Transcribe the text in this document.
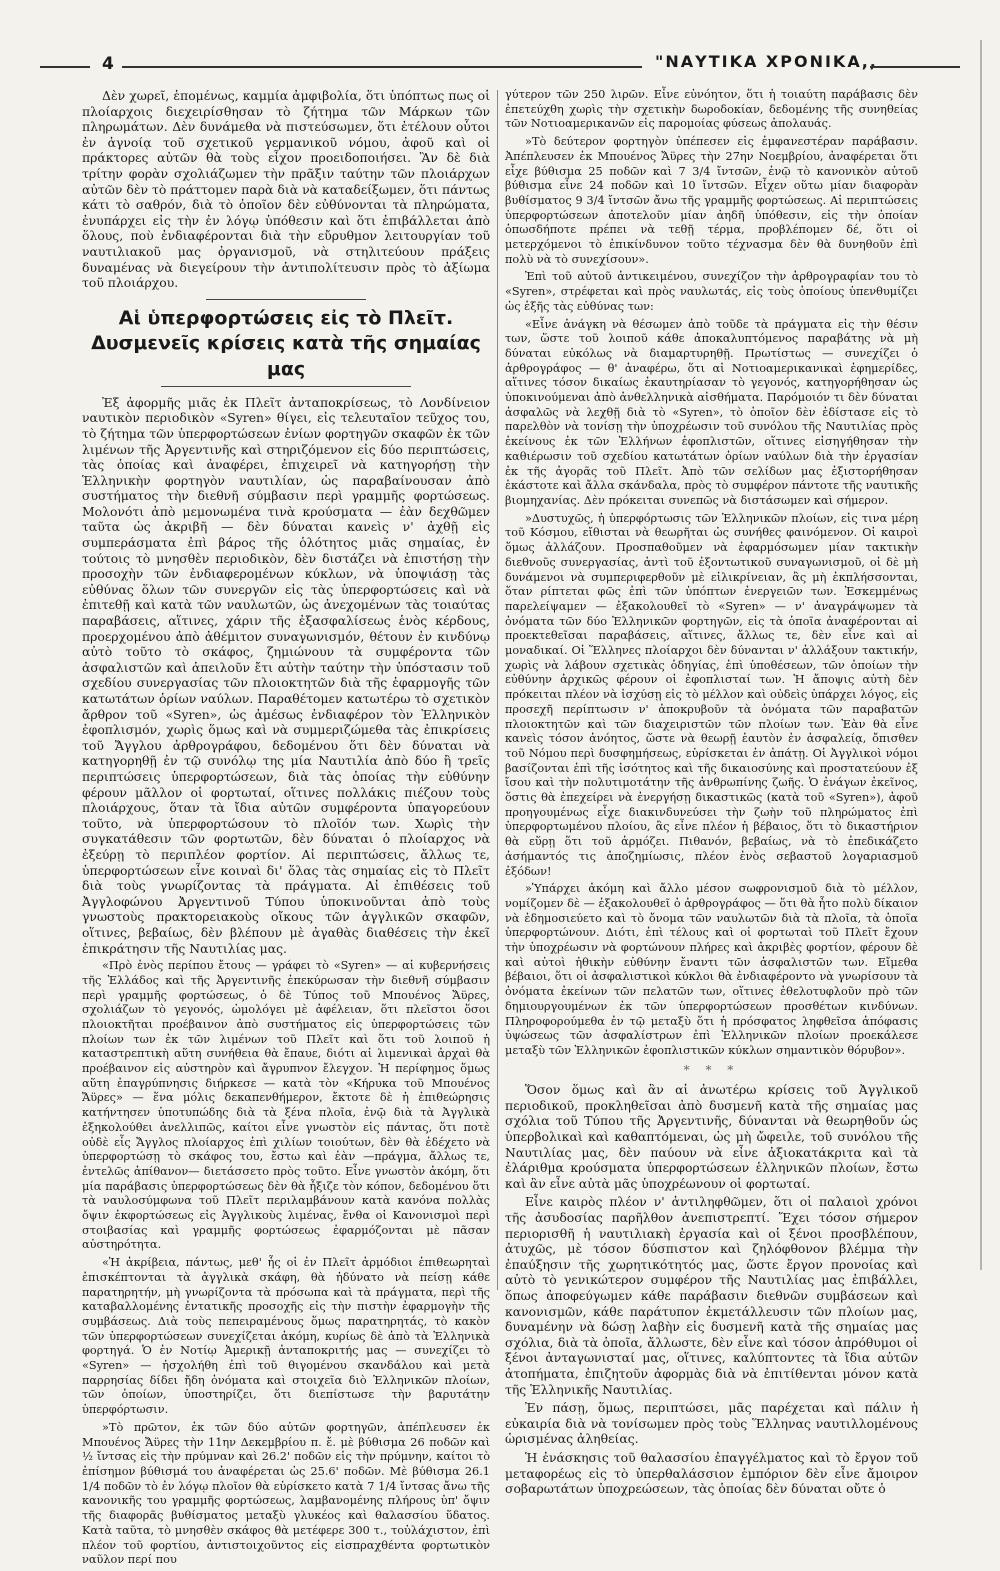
4	"ΝΑΥΤΙΚΑ ΧΡΟΝΙΚΑ,,

Δὲν χωρεῖ, ἑπομένως, καμμία ἀμφιβολία, ὅτι ὑπόπτως πως οἱ πλοίαρχοις διεχειρίσθησαν τὸ ζήτημα τῶν Μάρκων τῶν πληρωμάτων. Δὲν δυνάμεθα νὰ πιστεύσωμεν, ὅτι ἐτέλουν οὗτοι ἐν ἀγνοίᾳ τοῦ σχετικοῦ γερμανικοῦ νόμου, ἀφοῦ καὶ οἱ πράκτορες αὐτῶν θὰ τοὺς εἶχον προειδοποιήσει. Ἂν δὲ διὰ τρίτην φορὰν σχολιάζωμεν τὴν πρᾶξιν ταύτην τῶν πλοιάρχων αὐτῶν δὲν τὸ πράττομεν παρὰ διὰ νὰ καταδείξωμεν, ὅτι πάντως κάτι τὸ σαθρόν, διὰ τὸ ὁποῖον δὲν εὐθύνονται τὰ πληρώματα, ἐνυπάρχει εἰς τὴν ἐν λόγῳ ὑπόθεσιν καὶ ὅτι ἐπιβάλλεται ἀπὸ ὅλους, ποὺ ἐνδιαφέρονται διὰ τὴν εὔρυθμον λειτουργίαν τοῦ ναυτιλιακοῦ μας ὀργανισμοῦ, νὰ στηλιτεύουν πράξεις δυναμένας νὰ διεγείρουν τὴν ἀντιπολίτευσιν πρὸς τὸ ἀξίωμα τοῦ πλοιάρχου.

Αἱ ὑπερφορτώσεις εἰς τὸ Πλεῖτ.
Δυσμενεῖς κρίσεις κατὰ τῆς σημαίας μας

Ἐξ ἀφορμῆς μιᾶς ἐκ Πλεῖτ ἀνταποκρίσεως, τὸ Λονδίνειον ναυτικὸν περιοδικὸν «Syren» θίγει, εἰς τελευταῖον τεῦχος του, τὸ ζήτημα τῶν ὑπερφορτώσεων ἐνίων φορτηγῶν σκαφῶν ἐκ τῶν λιμένων τῆς Ἀργεντινῆς καὶ στηριζόμενον εἰς δύο περιπτώσεις, τὰς ὁποίας καὶ ἀναφέρει, ἐπιχειρεῖ νὰ κατηγορήσῃ τὴν Ἑλληνικὴν φορτηγὸν ναυτιλίαν, ὡς παραβαίνουσαν ἀπὸ συστήματος τὴν διεθνῆ σύμβασιν περὶ γραμμῆς φορτώσεως. Μολονότι ἀπὸ μεμονωμένα τινὰ κρούσματα — ἐὰν δεχθῶμεν ταῦτα ὡς ἀκριβῆ — δὲν δύναται κανεὶς ν' ἀχθῇ εἰς συμπεράσματα ἐπὶ βάρος τῆς ὁλότητος μιᾶς σημαίας, ἐν τούτοις τὸ μνησθὲν περιοδικὸν, δὲν διστάζει νὰ ἐπιστήσῃ τὴν προσοχὴν τῶν ἐνδιαφερομένων κύκλων, νὰ ὑποψιάσῃ τὰς εὐθύνας ὅλων τῶν συνεργῶν εἰς τὰς ὑπερφορτώσεις καὶ νὰ ἐπιτεθῇ καὶ κατὰ τῶν ναυλωτῶν, ὡς ἀνεχομένων τὰς τοιαύτας παραβάσεις, αἵτινες, χάριν τῆς ἐξασφαλίσεως ἑνὸς κέρδους, προερχομένου ἀπὸ ἀθέμιτον συναγωνισμόν, θέτουν ἐν κινδύνῳ αὐτὸ τοῦτο τὸ σκάφος, ζημιώνουν τὰ συμφέροντα τῶν ἀσφαλιστῶν καὶ ἀπειλοῦν ἔτι αὐτὴν ταύτην τὴν ὑπόστασιν τοῦ σχεδίου συνεργασίας τῶν πλοιοκτητῶν διὰ τῆς ἐφαρμογῆς τῶν κατωτάτων ὁρίων ναύλων. Παραθέτομεν κατωτέρω τὸ σχετικὸν ἄρθρον τοῦ «Syren», ὡς ἀμέσως ἐνδιαφέρον τὸν Ἑλληνικὸν ἐφοπλισμόν, χωρὶς ὅμως καὶ νὰ συμμεριζώμεθα τὰς ἐπικρίσεις τοῦ Ἄγγλου ἀρθρογράφου, δεδομένου ὅτι δὲν δύναται νὰ κατηγορηθῇ ἐν τῷ συνόλῳ της μία Ναυτιλία ἀπὸ δύο ἢ τρεῖς περιπτώσεις ὑπερφορτώσεων, διὰ τὰς ὁποίας τὴν εὐθύνην φέρουν μᾶλλον οἱ φορτωταί, οἵτινες πολλάκις πιέζουν τοὺς πλοιάρχους, ὅταν τὰ ἴδια αὐτῶν συμφέροντα ὑπαγορεύουν τοῦτο, νὰ ὑπερφορτώσουν τὸ πλοῖόν των. Χωρὶς τὴν συγκατάθεσιν τῶν φορτωτῶν, δὲν δύναται ὁ πλοίαρχος νὰ ἐξεύρῃ τὸ περιπλέον φορτίον. Αἱ περιπτώσεις, ἄλλως τε, ὑπερφορτώσεων εἶνε κοιναὶ δι' ὅλας τὰς σημαίας εἰς τὸ Πλεῖτ διὰ τοὺς γνωρίζοντας τὰ πράγματα. Αἱ ἐπιθέσεις τοῦ Ἀγγλοφώνου Ἀργεντινοῦ Τύπου ὑποκινοῦνται ἀπὸ τοὺς γνωστοὺς πρακτορειακοὺς οἴκους τῶν ἀγγλικῶν σκαφῶν, οἵτινες, βεβαίως, δὲν βλέπουν μὲ ἀγαθὰς διαθέσεις τὴν ἐκεῖ ἐπικράτησιν τῆς Ναυτιλίας μας.

«Πρὸ ἑνὸς περίπου ἔτους — γράφει τὸ «Syren» — αἱ κυβερνήσεις τῆς Ἑλλάδος καὶ τῆς Ἀργεντινῆς ἐπεκύρωσαν τὴν διεθνῆ σύμβασιν περὶ γραμμῆς φορτώσεως, ὁ δὲ Τύπος τοῦ Μπουένος Ἄϋρες, σχολιάζων τὸ γεγονός, ὡμολόγει μὲ ἀφέλειαν, ὅτι πλεῖστοι ὅσοι πλοιοκτῆται προέβαινον ἀπὸ συστήματος εἰς ὑπερφορτώσεις τῶν πλοίων των ἐκ τῶν λιμένων τοῦ Πλεῖτ καὶ ὅτι τοῦ λοιποῦ ἡ καταστρεπτικὴ αὕτη συνήθεια θὰ ἔπαυε, διότι αἱ λιμενικαὶ ἀρχαὶ θὰ προέβαινον εἰς αὐστηρὸν καὶ ἄγρυπνον ἔλεγχον. Ἡ περίφημος ὅμως αὕτη ἐπαγρύπνησις διήρκεσε — κατὰ τὸν «Κήρυκα τοῦ Μπουένος Ἄϋρες» — ἕνα μόλις δεκαπενθήμερον, ἔκτοτε δὲ ἡ ἐπιθεώρησις κατήντησεν ὑποτυπώδης διὰ τὰ ξένα πλοῖα, ἐνῷ διὰ τὰ Ἀγγλικὰ ἐξηκολούθει ἀνελλιπῶς, καίτοι εἶνε γνωστὸν εἰς πάντας, ὅτι ποτὲ οὐδὲ εἷς Ἄγγλος πλοίαρχος ἐπὶ χιλίων τοιούτων, δὲν θὰ ἐδέχετο νὰ ὑπερφορτώσῃ τὸ σκάφος του, ἔστω καὶ ἐὰν —πράγμα, ἄλλως τε, ἐντελῶς ἀπίθανον— διετάσσετο πρὸς τοῦτο. Εἶνε γνωστὸν ἀκόμη, ὅτι μία παράβασις ὑπερφορτώσεως δὲν θὰ ἦξιζε τὸν κόπον, δεδομένου ὅτι τὰ ναυλοσύμφωνα τοῦ Πλεῖτ περιλαμβάνουν κατὰ κανόνα πολλὰς ὄψιν ἐκφορτώσεως εἰς Ἀγγλικοὺς λιμένας, ἔνθα οἱ Κανονισμοὶ περὶ στοιβασίας καὶ γραμμῆς φορτώσεως ἐφαρμόζονται μὲ πᾶσαν αὐστηρότητα.

«Ἡ ἀκρίβεια, πάντως, μεθ' ἧς οἱ ἐν Πλεῖτ ἁρμόδιοι ἐπιθεωρηταὶ ἐπισκέπτονται τὰ ἀγγλικὰ σκάφη, θὰ ἠδύνατο νὰ πείσῃ κάθε παρατηρητήν, μὴ γνωρίζοντα τὰ πρόσωπα καὶ τὰ πράγματα, περὶ τῆς καταβαλλομένης ἐντατικῆς προσοχῆς εἰς τὴν πιστὴν ἐφαρμογὴν τῆς συμβάσεως. Διὰ τοὺς πεπειραμένους ὅμως παρατηρητάς, τὸ κακὸν τῶν ὑπερφορτώσεων συνεχίζεται ἀκόμη, κυρίως δὲ ἀπὸ τὰ Ἑλληνικὰ φορτηγά. Ὁ ἐν Νοτίῳ Ἀμερικῇ ἀνταποκριτής μας — συνεχίζει τὸ «Syren» — ἠσχολήθη ἐπὶ τοῦ θιγομένου σκανδάλου καὶ μετὰ παρρησίας δίδει ἤδη ὀνόματα καὶ στοιχεῖα διὸ Ἑλληνικῶν πλοίων, τῶν ὁποίων, ὑποστηρίζει, ὅτι διεπίστωσε τὴν βαρυτάτην ὑπερφόρτωσιν.

»Τὸ πρῶτον, ἐκ τῶν δύο αὐτῶν φορτηγῶν, ἀπέπλευσεν ἐκ Μπουένος Ἄϋρες τὴν 11ην Δεκεμβρίου π. ἔ. μὲ βύθισμα 26 ποδῶν καὶ ½ ἴντσας εἰς τὴν πρύμναν καὶ 26.2' ποδῶν εἰς τὴν πρύμνην, καίτοι τὸ ἐπίσημον βύθισμά του ἀναφέρεται ὡς 25.6' ποδῶν. Μὲ βύθισμα 26.1 1/4 ποδῶν τὸ ἐν λόγῳ πλοῖον θὰ εὑρίσκετο κατὰ 7 1/4 ἴντσας ἄνω τῆς κανονικῆς του γραμμῆς φορτώσεως, λαμβανομένης πλήρους ὑπ' ὄψιν τῆς διαφορᾶς βυθίσματος μεταξὺ γλυκέος καὶ θαλασσίου ὕδατος. Κατὰ ταῦτα, τὸ μνησθὲν σκάφος θὰ μετέφερε 300 τ., τοὐλάχιστον, ἐπὶ πλέον τοῦ φορτίου, ἀντιστοιχοῦντος εἰς εἰσπραχθέντα φορτωτικὸν ναῦλον περί που

γύτερον τῶν 250 λιρῶν. Εἶνε εὐνόητον, ὅτι ἡ τοιαύτη παράβασις δὲν ἐπετεύχθη χωρὶς τὴν σχετικὴν δωροδοκίαν, δεδομένης τῆς συνηθείας τῶν Νοτιοαμερικανῶν εἰς παρομοίας φύσεως ἀπολαυάς.

»Τὸ δεύτερον φορτηγὸν ὑπέπεσεν εἰς ἐμφανεστέραν παράβασιν. Ἀπέπλευσεν ἐκ Μπουένος Ἄϋρες τὴν 27ην Νοεμβρίου, ἀναφέρεται ὅτι εἶχε βύθισμα 25 ποδῶν καὶ 7 3/4 ἴντσῶν, ἐνῷ τὸ κανονικὸν αὐτοῦ βύθισμα εἶνε 24 ποδῶν καὶ 10 ἴντσῶν. Εἶχεν οὕτω μίαν διαφορὰν βυθίσματος 9 3/4 ἴντσῶν ἄνω τῆς γραμμῆς φορτώσεως. Αἱ περιπτώσεις ὑπερφορτώσεων ἀποτελοῦν μίαν ἀηδῆ ὑπόθεσιν, εἰς τὴν ὁποίαν ὁπωσδήποτε πρέπει νὰ τεθῇ τέρμα, προβλέπομεν δέ, ὅτι οἱ μετερχόμενοι τὸ ἐπικίνδυνον τοῦτο τέχνασμα δὲν θὰ δυνηθοῦν ἐπὶ πολὺ νὰ τὸ συνεχίσουν».

Ἐπὶ τοῦ αὐτοῦ ἀντικειμένου, συνεχίζον τὴν ἀρθρογραφίαν του τὸ «Syren», στρέφεται καὶ πρὸς ναυλωτάς, εἰς τοὺς ὁποίους ὑπενθυμίζει ὡς ἑξῆς τὰς εὐθύνας των:

«Εἶνε ἀνάγκη νὰ θέσωμεν ἀπὸ τοῦδε τὰ πράγματα εἰς τὴν θέσιν των, ὥστε τοῦ λοιποῦ κάθε ἀποκαλυπτόμενος παραβάτης νὰ μὴ δύναται εὐκόλως νὰ διαμαρτυρηθῇ. Πρωτίστως — συνεχίζει ὁ ἀρθρογράφος — θ' ἀναφέρω, ὅτι αἱ Νοτιοαμερικανικαὶ ἐφημερίδες, αἵτινες τόσον δικαίως ἐκαυτηρίασαν τὸ γεγονός, κατηγορήθησαν ὡς ὑποκινούμεναι ἀπὸ ἀνθελληνικὰ αἰσθήματα. Παρόμοιόν τι δὲν δύναται ἀσφαλῶς νὰ λεχθῇ διὰ τὸ «Syren», τὸ ὁποῖον δὲν ἐδίστασε εἰς τὸ παρελθὸν νὰ τονίσῃ τὴν ὑποχρέωσιν τοῦ συνόλου τῆς Ναυτιλίας πρὸς ἐκείνους ἐκ τῶν Ἑλλήνων ἐφοπλιστῶν, οἵτινες εἰσηγήθησαν τὴν καθιέρωσιν τοῦ σχεδίου κατωτάτων ὁρίων ναύλων διὰ τὴν ἐργασίαν ἐκ τῆς ἀγορᾶς τοῦ Πλεῖτ. Ἀπὸ τῶν σελίδων μας ἐξιστορήθησαν ἑκάστοτε καὶ ἄλλα σκάνδαλα, πρὸς τὸ συμφέρον πάντοτε τῆς ναυτικῆς βιομηχανίας. Δὲν πρόκειται συνεπῶς νὰ διστάσωμεν καὶ σήμερον.

»Δυστυχῶς, ἡ ὑπερφόρτωσις τῶν Ἑλληνικῶν πλοίων, εἰς τινα μέρη τοῦ Κόσμου, εἴθισται νὰ θεωρῆται ὡς συνήθες φαινόμενον. Οἱ καιροὶ ὅμως ἀλλάζουν. Προσπαθοῦμεν νὰ ἐφαρμόσωμεν μίαν τακτικὴν διεθνοῦς συνεργασίας, ἀντὶ τοῦ ἐξοντωτικοῦ συναγωνισμοῦ, οἱ δὲ μὴ δυνάμενοι νὰ συμπεριφερθοῦν μὲ εἰλικρίνειαν, ἂς μὴ ἐκπλήσσονται, ὅταν ρίπτεται φῶς ἐπὶ τῶν ὑπόπτων ἐνεργειῶν των. Ἐσκεμμένως παρελείψαμεν — ἐξακολουθεῖ τὸ «Syren» — ν' ἀναγράψωμεν τὰ ὀνόματα τῶν δύο Ἑλληνικῶν φορτηγῶν, εἰς τὰ ὁποῖα ἀναφέρονται αἱ προεκτεθεῖσαι παραβάσεις, αἵτινες, ἄλλως τε, δὲν εἶνε καὶ αἱ μοναδικαί. Οἱ Ἕλληνες πλοίαρχοι δὲν δύνανται ν' ἀλλάξουν τακτικήν, χωρὶς νὰ λάβουν σχετικὰς ὁδηγίας, ἐπὶ ὑποθέσεων, τῶν ὁποίων τὴν εὐθύνην ἀρχικῶς φέρουν οἱ ἐφοπλισταί των. Ἡ ἄποψις αὐτὴ δὲν πρόκειται πλέον νὰ ἰσχύσῃ εἰς τὸ μέλλον καὶ οὐδεὶς ὑπάρχει λόγος, εἰς προσεχῆ περίπτωσιν ν' ἀποκρυβοῦν τὰ ὀνόματα τῶν παραβατῶν πλοιοκτητῶν καὶ τῶν διαχειριστῶν τῶν πλοίων των. Ἐὰν θὰ εἶνε κανεὶς τόσον ἀνόητος, ὥστε νὰ θεωρῇ ἑαυτὸν ἐν ἀσφαλείᾳ, ὄπισθεν τοῦ Νόμου περὶ δυσφημήσεως, εὑρίσκεται ἐν ἀπάτῃ. Οἱ Ἀγγλικοὶ νόμοι βασίζονται ἐπὶ τῆς ἰσότητος καὶ τῆς δικαιοσύνης καὶ προστατεύουν ἐξ ἴσου καὶ τὴν πολυτιμοτάτην τῆς ἀνθρωπίνης ζωῆς. Ὁ ἐνάγων ἐκεῖνος, ὅστις θὰ ἐπεχείρει νὰ ἐνεργήσῃ δικαστικῶς (κατὰ τοῦ «Syren»), ἀφοῦ προηγουμένως εἶχε διακινδυνεύσει τὴν ζωὴν τοῦ πληρώματος ἐπὶ ὑπερφορτωμένου πλοίου, ἂς εἶνε πλέον ἡ βέβαιος, ὅτι τὸ δικαστήριον θὰ εὕρῃ ὅτι τοῦ ἁρμόζει. Πιθανόν, βεβαίως, νὰ τὸ ἐπεδικάζετο ἀσήμαντός τις ἀποζημίωσις, πλέον ἐνὸς σεβαστοῦ λογαριασμοῦ ἐξόδων!

»Ὑπάρχει ἀκόμη καὶ ἄλλο μέσον σωφρονισμοῦ διὰ τὸ μέλλον, νομίζομεν δὲ — ἐξακολουθεῖ ὁ ἀρθρογράφος — ὅτι θὰ ἦτο πολὺ δίκαιον νὰ ἐδημοσιεύετο καὶ τὸ ὄνομα τῶν ναυλωτῶν διὰ τὰ πλοῖα, τὰ ὁποῖα ὑπερφορτώνουν. Διότι, ἐπὶ τέλους καὶ οἱ φορτωταὶ τοῦ Πλεῖτ ἔχουν τὴν ὑποχρέωσιν νὰ φορτώνουν πλήρες καὶ ἀκριβὲς φορτίον, φέρουν δὲ καὶ αὐτοὶ ἠθικὴν εὐθύνην ἔναντι τῶν ἀσφαλιστῶν των. Εἴμεθα βέβαιοι, ὅτι οἱ ἀσφαλιστικοὶ κύκλοι θὰ ἐνδιαφέροντο νὰ γνωρίσουν τὰ ὀνόματα ἐκείνων τῶν πελατῶν των, οἵτινες ἐθελοτυφλοῦν πρὸ τῶν δημιουργουμένων ἐκ τῶν ὑπερφορτώσεων προσθέτων κινδύνων. Πληροφορούμεθα ἐν τῷ μεταξὺ ὅτι ἡ πρόσφατος ληφθεῖσα ἀπόφασις ὑψώσεως τῶν ἀσφαλίστρων ἐπὶ Ἑλληνικῶν πλοίων προεκάλεσε μεταξὺ τῶν Ἑλληνικῶν ἐφοπλιστικῶν κύκλων σημαντικὸν θόρυβον».

* * *

Ὅσον ὅμως καὶ ἂν αἱ ἀνωτέρω κρίσεις τοῦ Ἀγγλικοῦ περιοδικοῦ, προκληθεῖσαι ἀπὸ δυσμενῆ κατὰ τῆς σημαίας μας σχόλια τοῦ Τύπου τῆς Ἀργεντινῆς, δύνανται νὰ θεωρηθοῦν ὡς ὑπερβολικαὶ καὶ καθαπτόμεναι, ὡς μὴ ὤφειλε, τοῦ συνόλου τῆς Ναυτιλίας μας, δὲν παύουν νὰ εἶνε ἀξιοκατάκριτα καὶ τὰ ἐλάριθμα κρούσματα ὑπερφορτώσεων ἑλληνικῶν πλοίων, ἔστω καὶ ἂν εἶνε αὐτὰ μᾶς ὑποχρέωνουν οἱ φορτωταί.

Εἶνε καιρὸς πλέον ν' ἀντιληφθῶμεν, ὅτι οἱ παλαιοὶ χρόνοι τῆς ἀσυδοσίας παρῆλθον ἀνεπιστρεπτί. Ἔχει τόσον σήμερον περιορισθῆ ἡ ναυτιλιακὴ ἐργασία καὶ οἱ ξένοι προσβλέπουν, ἀτυχῶς, μὲ τόσον δύσπιστον καὶ ζηλόφθονον βλέμμα τὴν ἐπαύξησιν τῆς χωρητικότητός μας, ὥστε ἔργον προνοίας καὶ αὐτὸ τὸ γενικώτερον συμφέρον τῆς Ναυτιλίας μας ἐπιβάλλει, ὅπως ἀποφεύγωμεν κάθε παράβασιν διεθνῶν συμβάσεων καὶ κανονισμῶν, κάθε παράτυπον ἐκμετάλλευσιν τῶν πλοίων μας, δυναμένην νὰ δώσῃ λαβὴν εἰς δυσμενῆ κατὰ τῆς σημαίας μας σχόλια, διὰ τὰ ὁποῖα, ἄλλωστε, δὲν εἶνε καὶ τόσον ἀπρόθυμοι οἱ ξένοι ἀνταγωνισταί μας, οἵτινες, καλύπτοντες τὰ ἴδια αὐτῶν ἀτοπήματα, ἐπιζητοῦν ἀφορμὰς διὰ νὰ ἐπιτίθενται μόνον κατὰ τῆς Ἑλληνικῆς Ναυτιλίας.

Ἐν πάσῃ, ὅμως, περιπτώσει, μᾶς παρέχεται καὶ πάλιν ἡ εὐκαιρία διὰ νὰ τονίσωμεν πρὸς τοὺς Ἕλληνας ναυτιλλομένους ὡρισμένας ἀληθείας.

Ἡ ἐνάσκησις τοῦ θαλασσίου ἐπαγγέλματος καὶ τὸ ἔργον τοῦ μεταφορέως εἰς τὸ ὑπερθαλάσσιον ἐμπόριον δὲν εἶνε ἄμοιρον σοβαρωτάτων ὑποχρεώσεων, τὰς ὁποίας δὲν δύναται οὔτε ὁ
